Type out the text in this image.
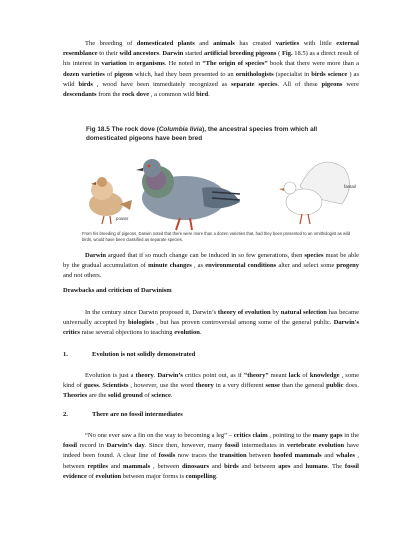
The breeding of domesticated plants and animals has created varieties with little external resemblance to their wild ancestors. Darwin started artificial breeding pigeons ( Fig. 18.5) as a direct result of his interest in variation in organisms. He noted in “The origin of species” book that there were more than a dozen varieties of pigeon which, had they been presented to an ornithologists (specialist in birds science ) as wild birds , wood have been immediately recognized as separate species. All of these pigeons were descendants from the rock dove , a common wild bird.

Fig 18.5 The rock dove (Columbia livia), the ancestral species from which all domesticated pigeons have been bred

pouter
fantail

From his breeding of pigeons, Darwin noted that there were more than a dozen varieties that, had they been presented to an ornithologist as wild birds, would have been classified as separate species.

Darwin argued that if so much change can be induced in so few generations, then species must be able by the gradual accumulation of minute changes , as environmental conditions alter and select some progeny and not others.

Drawbacks and criticism of Darwinism

In the century since Darwin proposed it, Darwin’s theory of evolution by natural selection has became universally accepted by biologists , but has proven controversial among some of the general public. Darwin's critics raise several objections to teaching evolution.

1.	Evolution is not solidly demonstrated

Evolution is just a theory. Darwin’s critics point out, as if “theory” meant lack of knowledge , some kind of guess. Scientists , however, use the word theory in a very different sense than the general public does. Theories are the solid ground of science.

2.	There are no fossil intermediates

“No one ever saw a fin on the way to becoming a leg” – critics claim , pointing to the many gaps in the fossil record in Darwin’s day. Since then, however, many fossil intermediates in vertebrate evolution have indeed been found. A clear line of fossils now traces the transition between hoofed mammals and whales , between reptiles and mammals , between dinosaurs and birds and between apes and humans. The fossil evidence of evolution between major forms is compelling.
